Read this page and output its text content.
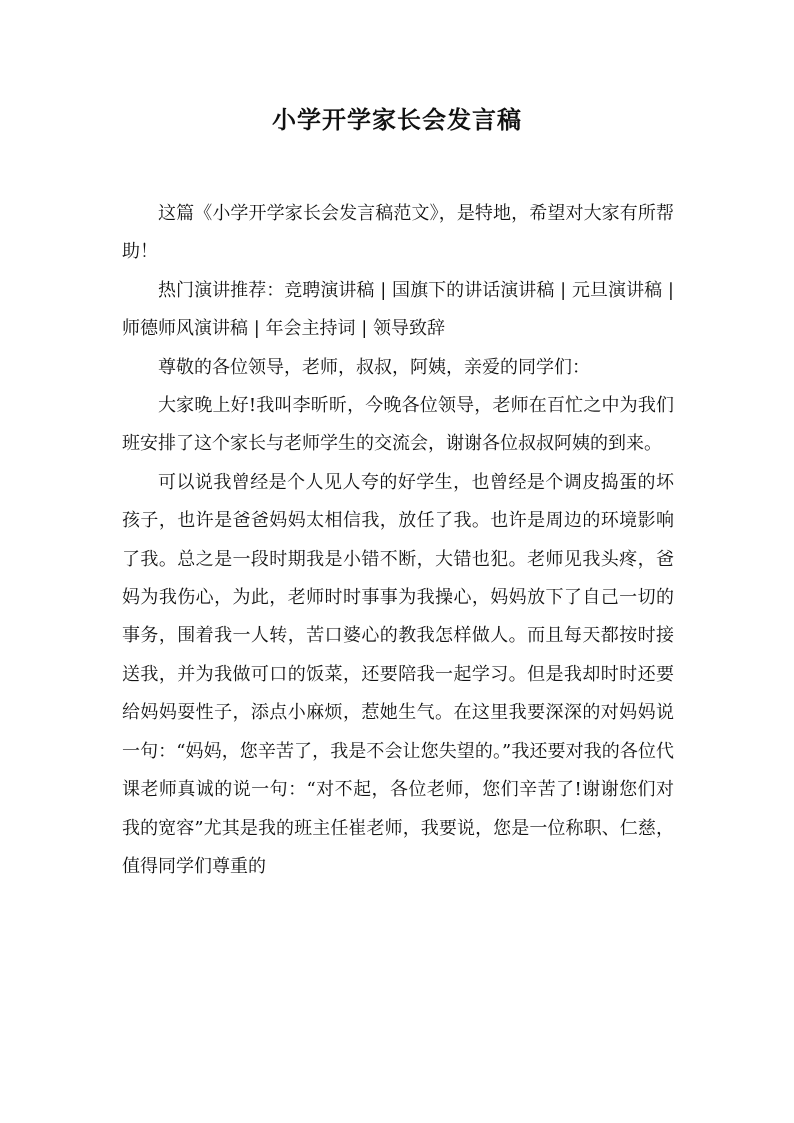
小学开学家长会发言稿

这篇《小学开学家长会发言稿范文》，是特地，希望对大家有所帮助！

热门演讲推荐：竞聘演讲稿 | 国旗下的讲话演讲稿 | 元旦演讲稿 | 师德师风演讲稿 | 年会主持词 | 领导致辞

尊敬的各位领导，老师，叔叔，阿姨，亲爱的同学们：

大家晚上好!我叫李昕昕，今晚各位领导，老师在百忙之中为我们班安排了这个家长与老师学生的交流会，谢谢各位叔叔阿姨的到来。

可以说我曾经是个人见人夸的好学生，也曾经是个调皮捣蛋的坏孩子，也许是爸爸妈妈太相信我，放任了我。也许是周边的环境影响了我。总之是一段时期我是小错不断，大错也犯。老师见我头疼，爸妈为我伤心，为此，老师时时事事为我操心，妈妈放下了自己一切的事务，围着我一人转，苦口婆心的教我怎样做人。而且每天都按时接送我，并为我做可口的饭菜，还要陪我一起学习。但是我却时时还要给妈妈耍性子，添点小麻烦，惹她生气。在这里我要深深的对妈妈说一句：“妈妈，您辛苦了，我是不会让您失望的。”我还要对我的各位代课老师真诚的说一句：“对不起，各位老师，您们辛苦了!谢谢您们对我的宽容”尤其是我的班主任崔老师，我要说，您是一位称职、仁慈，值得同学们尊重的
